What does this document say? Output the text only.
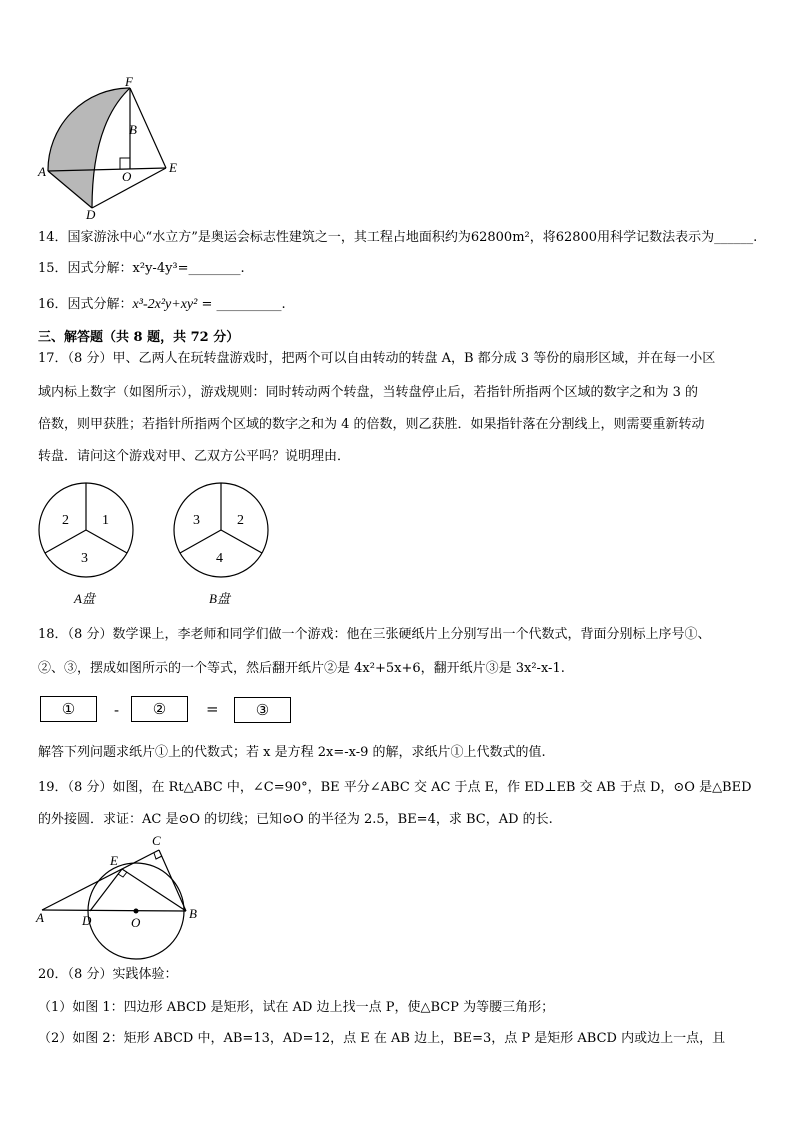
F
B
A	O
E
D
14．国家游泳中心“水立方”是奥运会标志性建筑之一，其工程占地面积约为62800m²，将62800用科学记数法表示为______.
15．因式分解：x²y-4y³=________.
16．因式分解：x³-2x²y+xy² = __________.
三、解答题（共 8 题，共 72 分）
17．（8 分）甲、乙两人在玩转盘游戏时，把两个可以自由转动的转盘 A，B 都分成 3 等份的扇形区域，并在每一小区
域内标上数字（如图所示），游戏规则：同时转动两个转盘，当转盘停止后，若指针所指两个区域的数字之和为 3 的
倍数，则甲获胜；若指针所指两个区域的数字之和为 4 的倍数，则乙获胜．如果指针落在分割线上，则需要重新转动
转盘．请问这个游戏对甲、乙双方公平吗？说明理由．
2 1
3
A盘
3	2
4
B盘
18．（8 分）数学课上，李老师和同学们做一个游戏：他在三张硬纸片上分别写出一个代数式，背面分别标上序号①、
②、③，摆成如图所示的一个等式，然后翻开纸片②是 4x²+5x+6，翻开纸片③是 3x²-x-1.
①	-	②	=	③
解答下列问题求纸片①上的代数式；若 x 是方程 2x=-x-9 的解，求纸片①上代数式的值.
19．（8 分）如图，在 Rt△ABC 中，∠C=90°，BE 平分∠ABC 交 AC 于点 E，作 ED⊥EB 交 AB 于点 D，⊙O 是△BED
的外接圆．求证：AC 是⊙O 的切线；已知⊙O 的半径为 2.5，BE=4，求 BC，AD 的长.
C
E
A	D	O
B
20．（8 分）实践体验：
（1）如图 1：四边形 ABCD 是矩形，试在 AD 边上找一点 P，使△BCP 为等腰三角形；
（2）如图 2：矩形 ABCD 中，AB=13，AD=12，点 E 在 AB 边上，BE=3，点 P 是矩形 ABCD 内或边上一点，且
